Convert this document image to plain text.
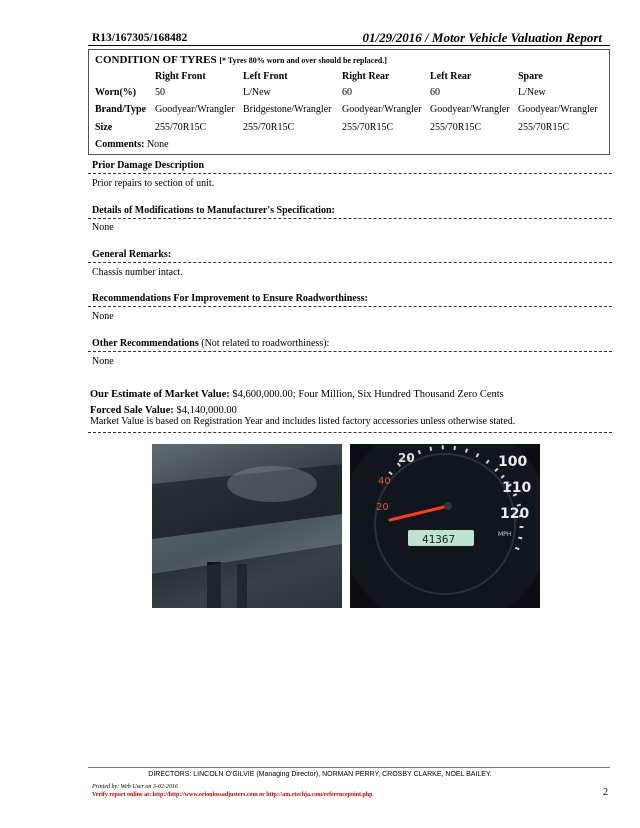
R13/167305/168482	01/29/2016 / Motor Vehicle Valuation Report
CONDITION OF TYRES [* Tyres 80% worn and over should be replaced.]
Right Front	Left Front	Right Rear	Left Rear	Spare
Worn(%) 50	L/New	60	60	L/New
Brand/Type Goodyear/Wrangler Bridgestone/Wrangler Goodyear/Wrangler Goodyear/Wrangler Goodyear/Wrangler
Size	255/70R15C	255/70R15C	255/70R15C	255/70R15C	255/70R15C
Comments: None
Prior Damage Description
Prior repairs to section of unit.
Details of Modifications to Manufacturer's Specification:
None
General Remarks:
Chassis number intact.
Recommendations For Improvement to Ensure Roadworthiness:
None
Other Recommendations (Not related to roadworthiness):
None
Our Estimate of Market Value: $4,600,000.00; Four Million, Six Hundred Thousand Zero Cents
Forced Sale Value: $4,140,000.00
Market Value is based on Registration Year and includes listed factory accessories unless otherwise stated.
20
40
20
100
110
120
MPH
41367
DIRECTORS: LINCOLN O'GILVIE (Managing Director), NORMAN PERRY, CROSBY CLARKE, NOEL BAILEY.
Printed by: Web User on 3-02-2016
Verify report online at: http://http://www.orionlossadjusters.com or http://am.etechja.com/referencepoint.php	2
